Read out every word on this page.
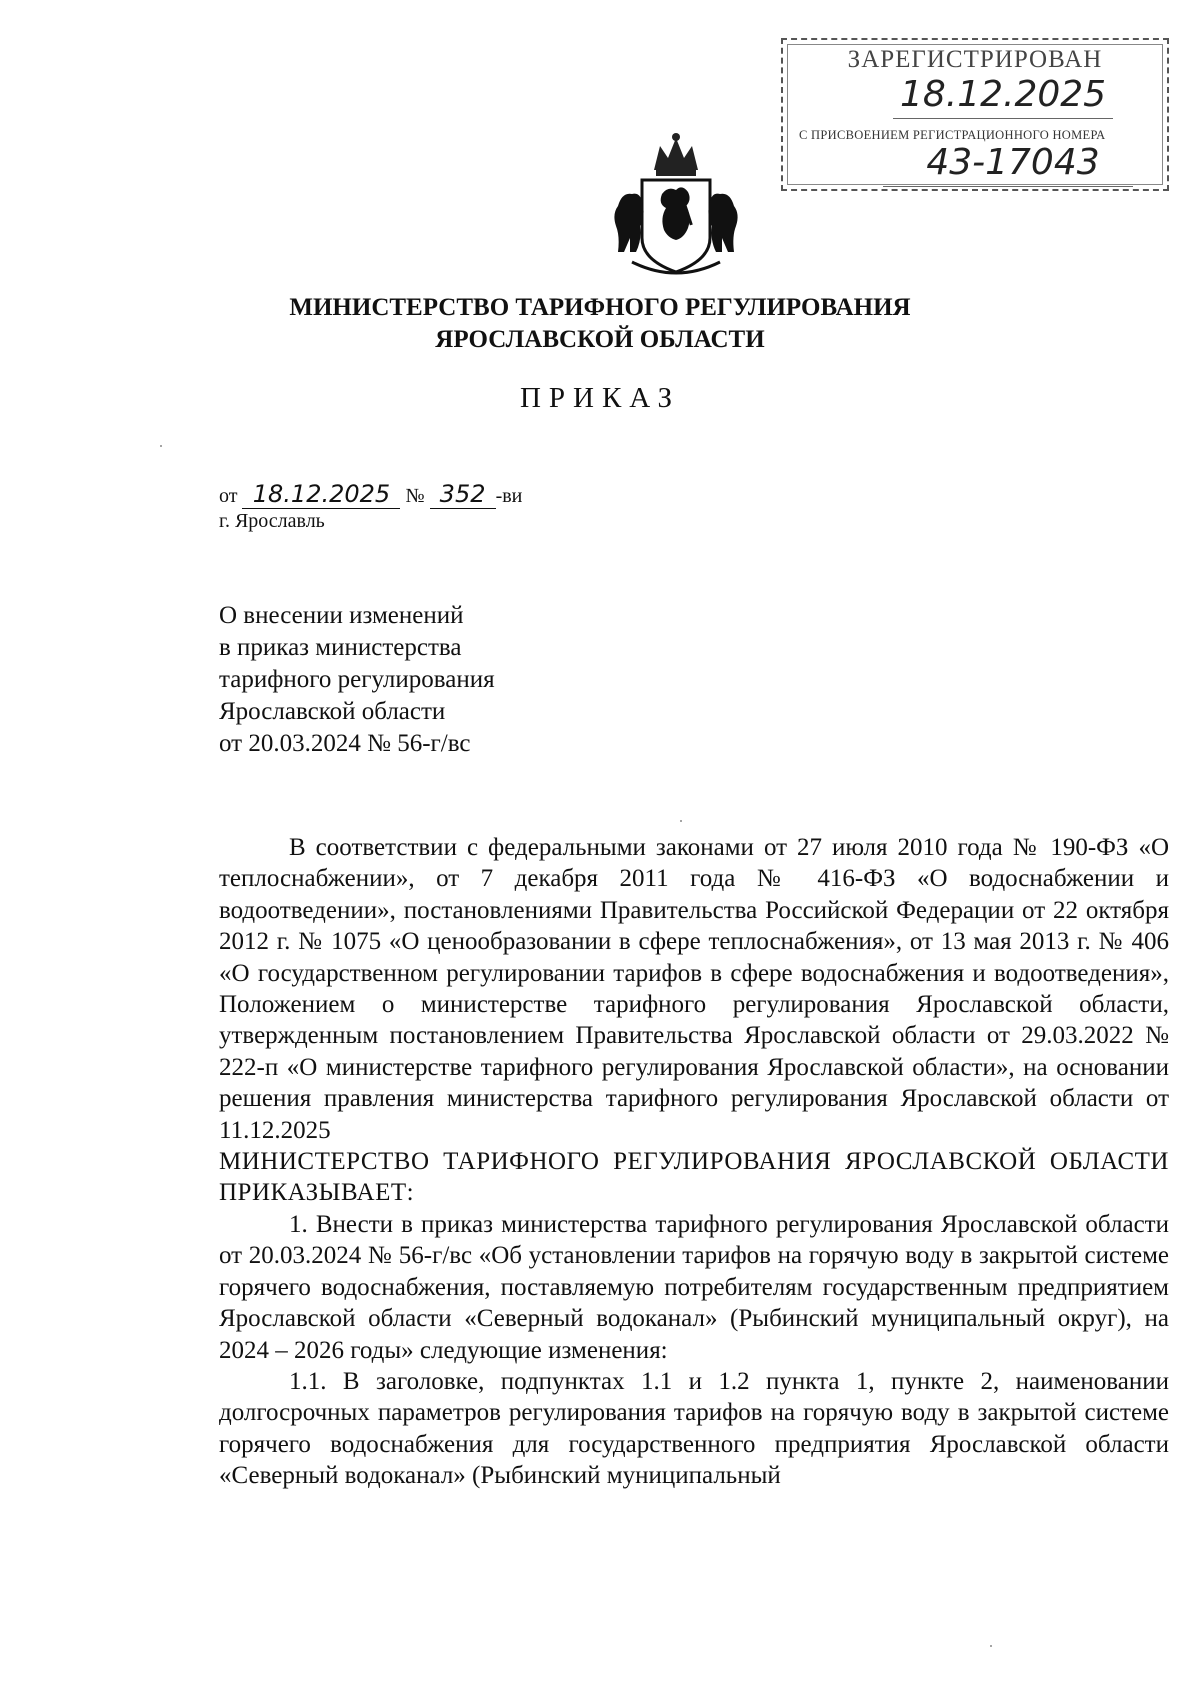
ЗАРЕГИСТРИРОВАН
18.12.2025
С ПРИСВОЕНИЕМ РЕГИСТРАЦИОННОГО НОМЕРА
43-17043
МИНИСТЕРСТВО ТАРИФНОГО РЕГУЛИРОВАНИЯ
ЯРОСЛАВСКОЙ ОБЛАСТИ
ПРИКАЗ
от 18.12.2025 № 352 -ви
г. Ярославль
О внесении изменений
в приказ министерства
тарифного регулирования
Ярославской области
от 20.03.2024 № 56-г/вс

В соответствии с федеральными законами от 27 июля 2010 года № 190-ФЗ «О теплоснабжении», от 7 декабря 2011 года № 416-ФЗ «О водоснабжении и водоотведении», постановлениями Правительства Российской Федерации от 22 октября 2012 г. № 1075 «О ценообразовании в сфере теплоснабжения», от 13 мая 2013 г. № 406 «О государственном регулировании тарифов в сфере водоснабжения и водоотведения», Положением о министерстве тарифного регулирования Ярославской области, утвержденным постановлением Правительства Ярославской области от 29.03.2022 № 222-п «О министерстве тарифного регулирования Ярославской области», на основании решения правления министерства тарифного регулирования Ярославской области от 11.12.2025

МИНИСТЕРСТВО ТАРИФНОГО РЕГУЛИРОВАНИЯ ЯРОСЛАВСКОЙ ОБЛАСТИ ПРИКАЗЫВАЕТ:

1. Внести в приказ министерства тарифного регулирования Ярославской области от 20.03.2024 № 56-г/вс «Об установлении тарифов на горячую воду в закрытой системе горячего водоснабжения, поставляемую потребителям государственным предприятием Ярославской области «Северный водоканал» (Рыбинский муниципальный округ), на 2024 – 2026 годы» следующие изменения:

1.1. В заголовке, подпунктах 1.1 и 1.2 пункта 1, пункте 2, наименовании долгосрочных параметров регулирования тарифов на горячую воду в закрытой системе горячего водоснабжения для государственного предприятия Ярославской области «Северный водоканал» (Рыбинский муниципальный
